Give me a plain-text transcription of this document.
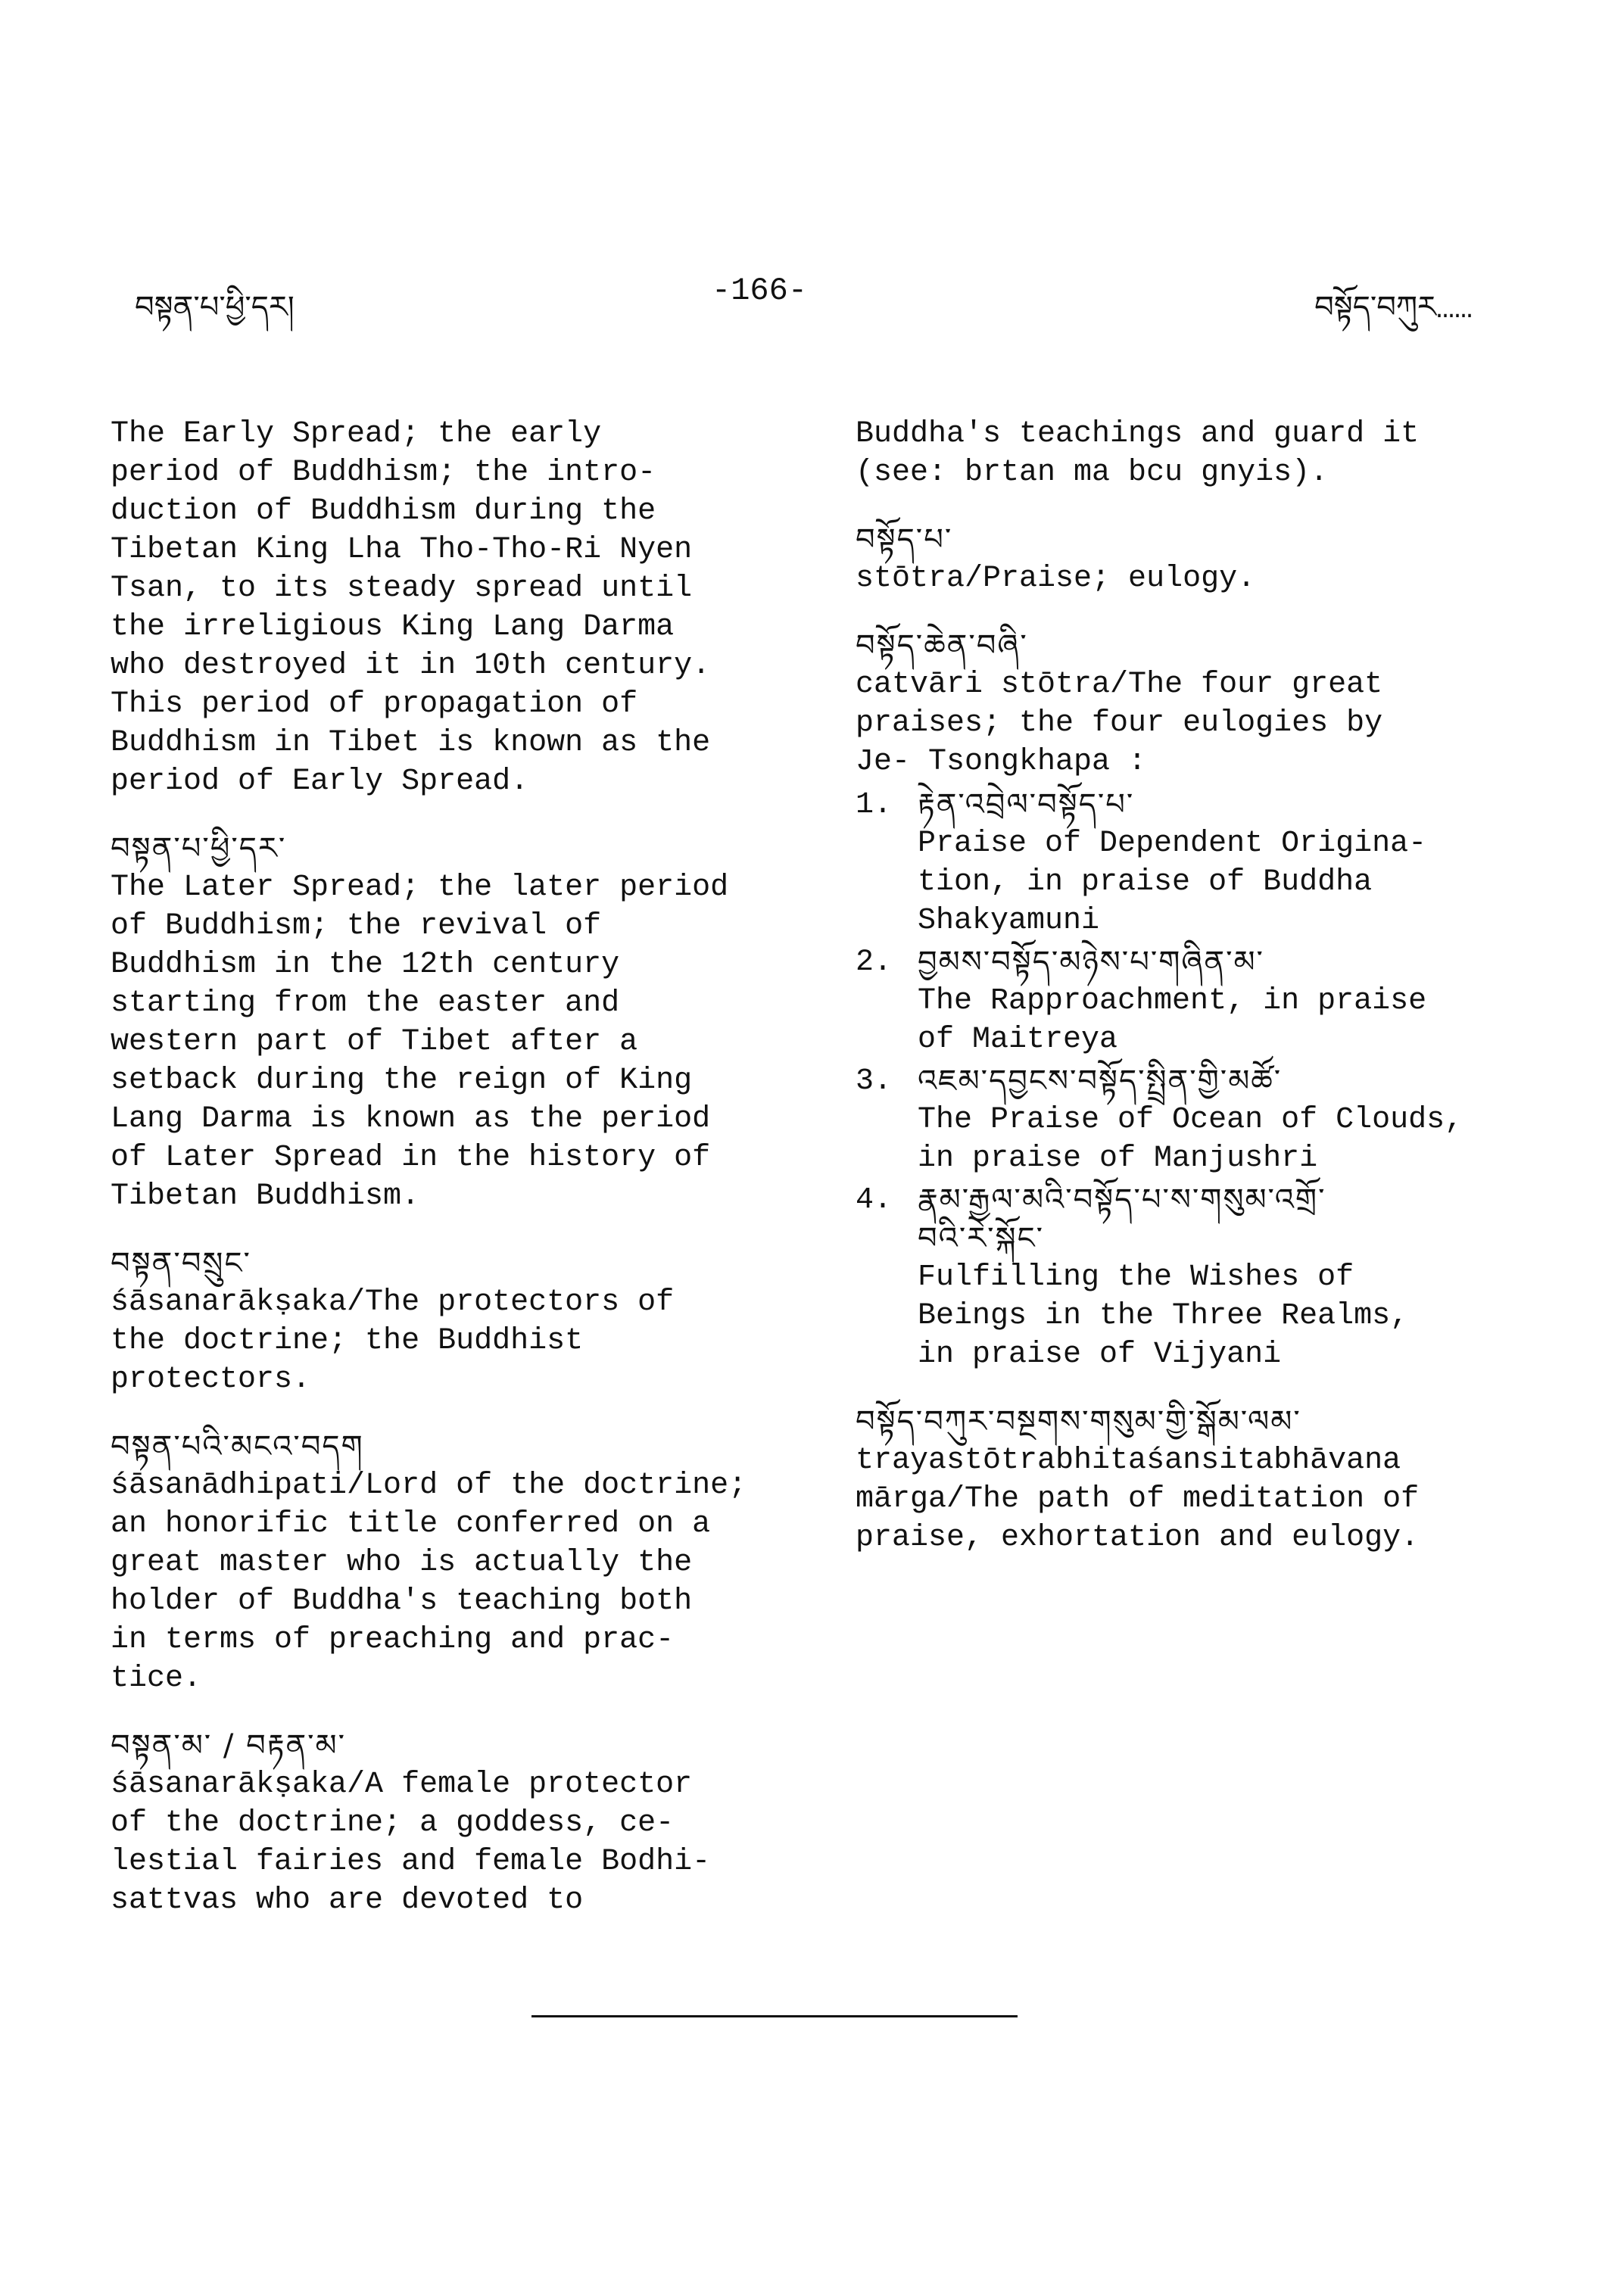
བསྟན་པ་ཕྱི་དར།
-166-
བསྟོད་བཀུར……
The Early Spread; the early
period of Buddhism; the intro-
duction of Buddhism during the
Tibetan King Lha Tho-Tho-Ri Nyen
Tsan, to its steady spread until
the irreligious King Lang Darma
who destroyed it in 10th century.
This period of propagation of
Buddhism in Tibet is known as the
period of Early Spread.
བསྟན་པ་ཕྱི་དར་
The Later Spread; the later period
of Buddhism; the revival of
Buddhism in the 12th century
starting from the easter and
western part of Tibet after a
setback during the reign of King
Lang Darma is known as the period
of Later Spread in the history of
Tibetan Buddhism.
བསྟན་བསྲུང་
śāsanarākṣaka/The protectors of
the doctrine; the Buddhist
protectors.
བསྟན་པའི་མངའ་བདག
śāsanādhipati/Lord of the doctrine;
an honorific title conferred on a
great master who is actually the
holder of Buddha's teaching both
in terms of preaching and prac-
tice.
བསྟན་མ་ / བརྟན་མ་
śāsanarākṣaka/A female protector
of the doctrine; a goddess, ce-
lestial fairies and female Bodhi-
sattvas who are devoted to
Buddha's teachings and guard it
(see: brtan ma bcu gnyis).
བསྟོད་པ་
stōtra/Praise; eulogy.
བསྟོད་ཆེན་བཞི་
catvāri stōtra/The four great
praises; the four eulogies by
Je- Tsongkhapa :
1. རྟེན་འབྲེལ་བསྟོད་པ་
Praise of Dependent Origina-
tion, in praise of Buddha
Shakyamuni
2. བྱམས་བསྟོད་མཉེས་པ་གཞིན་མ་
The Rapproachment, in praise
of Maitreya
3. འཇམ་དབྱངས་བསྟོད་སྤྲིན་གྱི་མཚོ་
The Praise of Ocean of Clouds,
in praise of Manjushri
4. རྣམ་རྒྱལ་མའི་བསྟོད་པ་ས་གསུམ་འགྲོ་
བའི་རེ་སྐོང་
Fulfilling the Wishes of
Beings in the Three Realms,
in praise of Vijyani
བསྟོད་བཀུར་བསྔགས་གསུམ་གྱི་སྒོམ་ལམ་
trayastōtrabhitaśansitabhāvana
mārga/The path of meditation of
praise, exhortation and eulogy.
